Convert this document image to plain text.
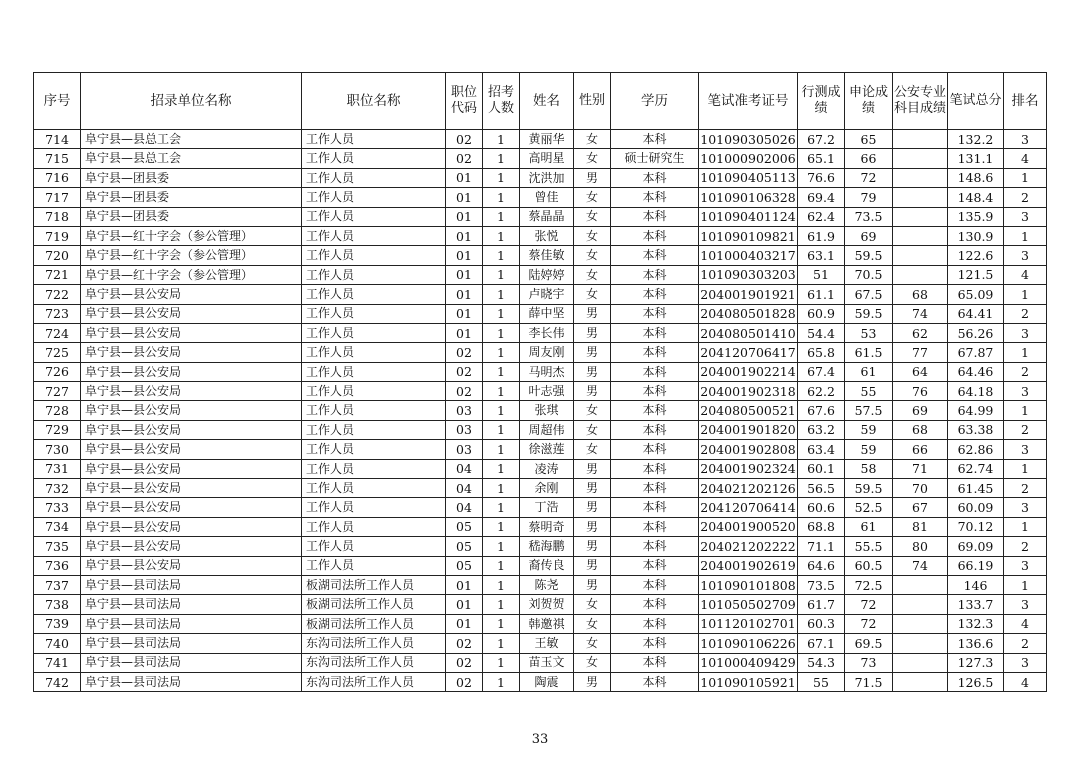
序号	招录单位名称	职位名称	职位代码	招考人数	姓名	性别	学历	笔试准考证号	行测成绩	申论成绩	公安专业科目成绩	笔试总分	排名
714	阜宁县—县总工会	工作人员	02	1	黄丽华	女	本科	101090305026	67.2	65		132.2	3
715	阜宁县—县总工会	工作人员	02	1	高明星	女	硕士研究生	101000902006	65.1	66		131.1	4
716	阜宁县—团县委	工作人员	01	1	沈洪加	男	本科	101090405113	76.6	72		148.6	1
717	阜宁县—团县委	工作人员	01	1	曾佳	女	本科	101090106328	69.4	79		148.4	2
718	阜宁县—团县委	工作人员	01	1	蔡晶晶	女	本科	101090401124	62.4	73.5		135.9	3
719	阜宁县—红十字会（参公管理）	工作人员	01	1	张悦	女	本科	101090109821	61.9	69		130.9	1
720	阜宁县—红十字会（参公管理）	工作人员	01	1	蔡佳敏	女	本科	101000403217	63.1	59.5		122.6	3
721	阜宁县—红十字会（参公管理）	工作人员	01	1	陆婷婷	女	本科	101090303203	51	70.5		121.5	4
722	阜宁县—县公安局	工作人员	01	1	卢晓宇	女	本科	204001901921	61.1	67.5	68	65.09	1
723	阜宁县—县公安局	工作人员	01	1	薛中坚	男	本科	204080501828	60.9	59.5	74	64.41	2
724	阜宁县—县公安局	工作人员	01	1	李长伟	男	本科	204080501410	54.4	53	62	56.26	3
725	阜宁县—县公安局	工作人员	02	1	周友刚	男	本科	204120706417	65.8	61.5	77	67.87	1
726	阜宁县—县公安局	工作人员	02	1	马明杰	男	本科	204001902214	67.4	61	64	64.46	2
727	阜宁县—县公安局	工作人员	02	1	叶志强	男	本科	204001902318	62.2	55	76	64.18	3
728	阜宁县—县公安局	工作人员	03	1	张琪	女	本科	204080500521	67.6	57.5	69	64.99	1
729	阜宁县—县公安局	工作人员	03	1	周超伟	女	本科	204001901820	63.2	59	68	63.38	2
730	阜宁县—县公安局	工作人员	03	1	徐滋莲	女	本科	204001902808	63.4	59	66	62.86	3
731	阜宁县—县公安局	工作人员	04	1	凌涛	男	本科	204001902324	60.1	58	71	62.74	1
732	阜宁县—县公安局	工作人员	04	1	余刚	男	本科	204021202126	56.5	59.5	70	61.45	2
733	阜宁县—县公安局	工作人员	04	1	丁浩	男	本科	204120706414	60.6	52.5	67	60.09	3
734	阜宁县—县公安局	工作人员	05	1	蔡明奇	男	本科	204001900520	68.8	61	81	70.12	1
735	阜宁县—县公安局	工作人员	05	1	嵇海鹏	男	本科	204021202222	71.1	55.5	80	69.09	2
736	阜宁县—县公安局	工作人员	05	1	裔传良	男	本科	204001902619	64.6	60.5	74	66.19	3
737	阜宁县—县司法局	板湖司法所工作人员	01	1	陈尧	男	本科	101090101808	73.5	72.5		146	1
738	阜宁县—县司法局	板湖司法所工作人员	01	1	刘贺贺	女	本科	101050502709	61.7	72		133.7	3
739	阜宁县—县司法局	板湖司法所工作人员	01	1	韩邀祺	女	本科	101120102701	60.3	72		132.3	4
740	阜宁县—县司法局	东沟司法所工作人员	02	1	王敏	女	本科	101090106226	67.1	69.5		136.6	2
741	阜宁县—县司法局	东沟司法所工作人员	02	1	苗玉文	女	本科	101000409429	54.3	73		127.3	3
742	阜宁县—县司法局	东沟司法所工作人员	02	1	陶震	男	本科	101090105921	55	71.5		126.5	4
33
